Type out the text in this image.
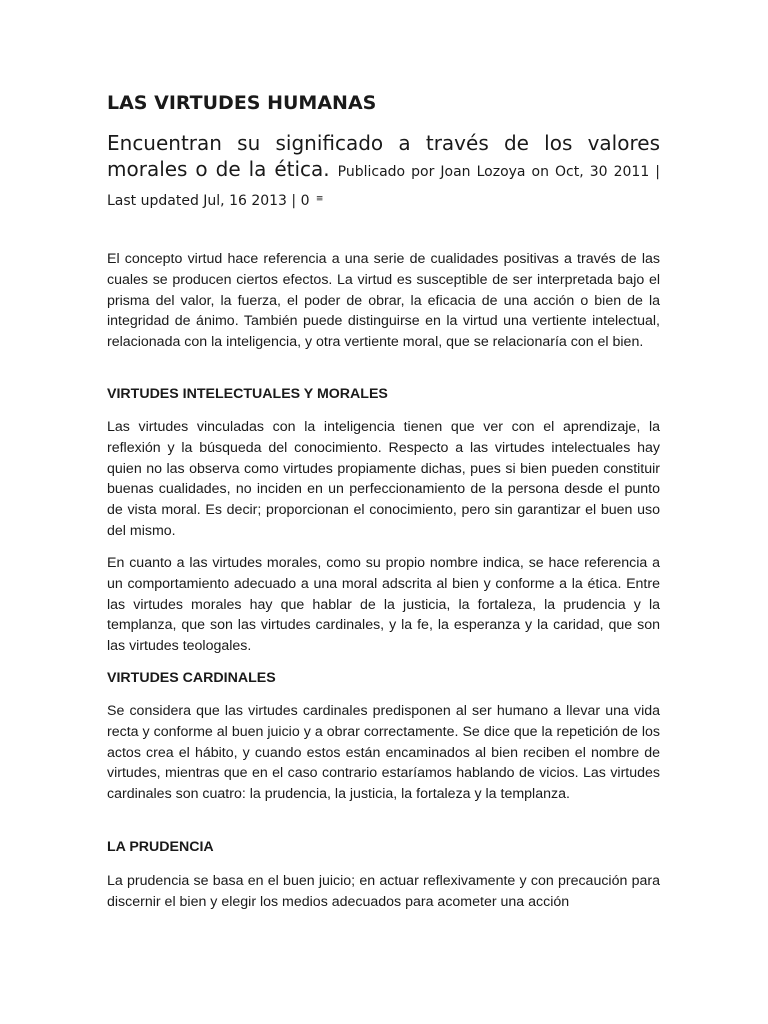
LAS VIRTUDES HUMANAS

Encuentran su significado a través de los valores morales o de la ética. Publicado por Joan Lozoya on Oct, 30 2011 | Last updated Jul, 16 2013 | 0 ≡

El concepto virtud hace referencia a una serie de cualidades positivas a través de las cuales se producen ciertos efectos. La virtud es susceptible de ser interpretada bajo el prisma del valor, la fuerza, el poder de obrar, la eficacia de una acción o bien de la integridad de ánimo. También puede distinguirse en la virtud una vertiente intelectual, relacionada con la inteligencia, y otra vertiente moral, que se relacionaría con el bien.

VIRTUDES INTELECTUALES Y MORALES

Las virtudes vinculadas con la inteligencia tienen que ver con el aprendizaje, la reflexión y la búsqueda del conocimiento. Respecto a las virtudes intelectuales hay quien no las observa como virtudes propiamente dichas, pues si bien pueden constituir buenas cualidades, no inciden en un perfeccionamiento de la persona desde el punto de vista moral. Es decir; proporcionan el conocimiento, pero sin garantizar el buen uso del mismo.

En cuanto a las virtudes morales, como su propio nombre indica, se hace referencia a un comportamiento adecuado a una moral adscrita al bien y conforme a la ética. Entre las virtudes morales hay que hablar de la justicia, la fortaleza, la prudencia y la templanza, que son las virtudes cardinales, y la fe, la esperanza y la caridad, que son las virtudes teologales.

VIRTUDES CARDINALES

Se considera que las virtudes cardinales predisponen al ser humano a llevar una vida recta y conforme al buen juicio y a obrar correctamente. Se dice que la repetición de los actos crea el hábito, y cuando estos están encaminados al bien reciben el nombre de virtudes, mientras que en el caso contrario estaríamos hablando de vicios. Las virtudes cardinales son cuatro: la prudencia, la justicia, la fortaleza y la templanza.

LA PRUDENCIA

La prudencia se basa en el buen juicio; en actuar reflexivamente y con precaución para discernir el bien y elegir los medios adecuados para acometer una acción
